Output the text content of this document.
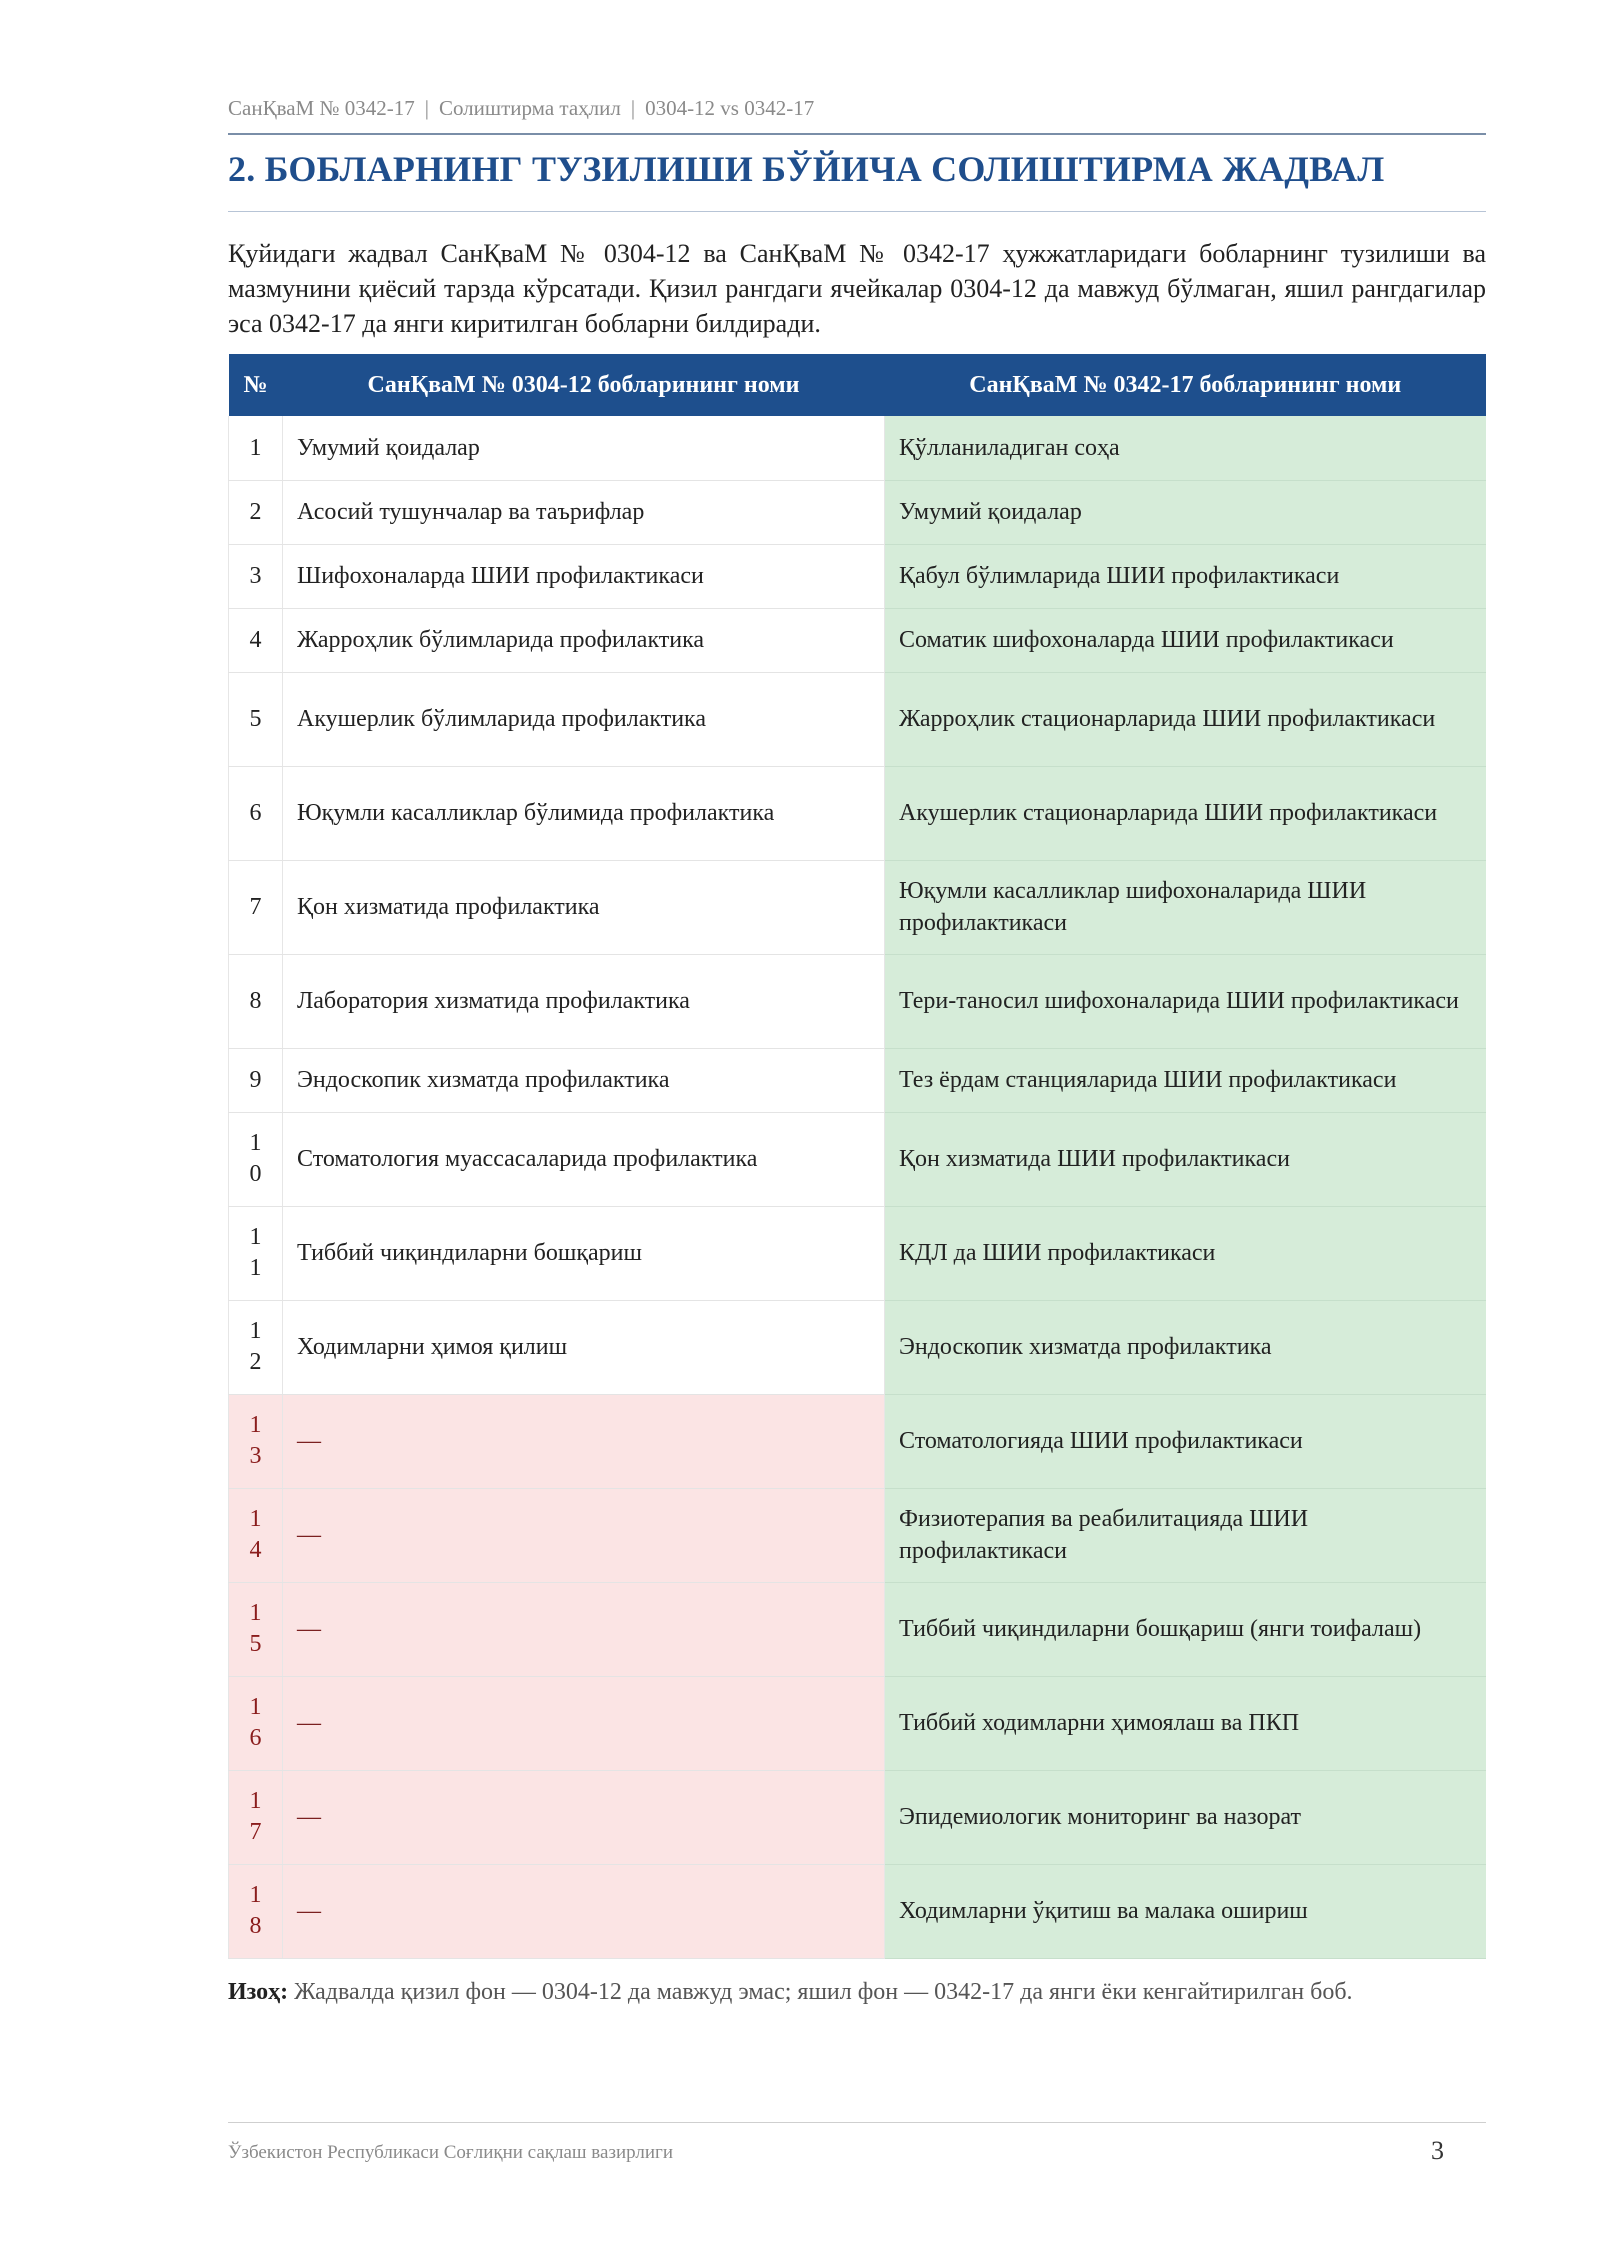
СанҚваМ № 0342-17 | Солиштирма таҳлил | 0304-12 vs 0342-17
2. БОБЛАРНИНГ ТУЗИЛИШИ БЎЙИЧА СОЛИШТИРМА ЖАДВАЛ

Қуйидаги жадвал СанҚваМ № 0304-12 ва СанҚваМ № 0342-17 ҳужжатларидаги бобларнинг тузилиши ва мазмунини қиёсий тарзда кўрсатади. Қизил рангдаги ячейкалар 0304-12 да мавжуд бўлмаган, яшил рангдагилар эса 0342-17 да янги киритилган бобларни билдиради.

№	СанҚваМ № 0304-12 бобларининг номи	СанҚваМ № 0342-17 бобларининг номи
1	Умумий қоидалар	Қўлланиладиган соҳа
2	Асосий тушунчалар ва таърифлар	Умумий қоидалар
3	Шифохоналарда ШИИ профилактикаси	Қабул бўлимларида ШИИ профилактикаси
4	Жарроҳлик бўлимларида профилактика	Соматик шифохоналарда ШИИ профилактикаси
5	Акушерлик бўлимларида профилактика	Жарроҳлик стационарларида ШИИ профилактикаси
6	Юқумли касалликлар бўлимида профилактика	Акушерлик стационарларида ШИИ профилактикаси
7	Қон хизматида профилактика	Юқумли касалликлар шифохоналарида ШИИ профилактикаси
8	Лаборатория хизматида профилактика	Тери-таносил шифохоналарида ШИИ профилактикаси
9	Эндоскопик хизматда профилактика	Тез ёрдам станцияларида ШИИ профилактикаси
10	Стоматология муассасаларида профилактика	Қон хизматида ШИИ профилактикаси
11	Тиббий чиқиндиларни бошқариш	КДЛ да ШИИ профилактикаси
12	Ходимларни ҳимоя қилиш	Эндоскопик хизматда профилактика
13	—	Стоматологияда ШИИ профилактикаси
14	—	Физиотерапия ва реабилитацияда ШИИ профилактикаси
15	—	Тиббий чиқиндиларни бошқариш (янги тоифалаш)
16	—	Тиббий ходимларни ҳимоялаш ва ПКП
17	—	Эпидемиологик мониторинг ва назорат
18	—	Ходимларни ўқитиш ва малака ошириш

Изоҳ: Жадвалда қизил фон — 0304-12 да мавжуд эмас; яшил фон — 0342-17 да янги ёки кенгайтирилган боб.

Ўзбекистон Республикаси Соғлиқни сақлаш вазирлиги	3
